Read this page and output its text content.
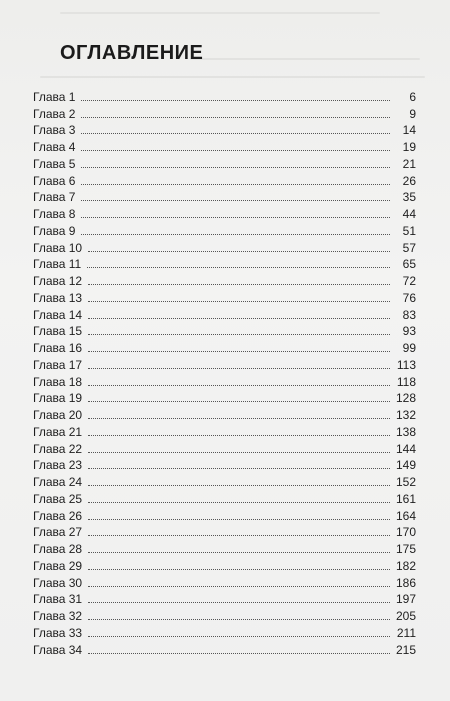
ОГЛАВЛЕНИЕ
Глава 1	6
Глава 2	9
Глава 3	14
Глава 4	19
Глава 5	21
Глава 6	26
Глава 7	35
Глава 8	44
Глава 9	51
Глава 10	57
Глава 11	65
Глава 12	72
Глава 13	76
Глава 14	83
Глава 15	93
Глава 16	99
Глава 17	113
Глава 18	118
Глава 19	128
Глава 20	132
Глава 21	138
Глава 22	144
Глава 23	149
Глава 24	152
Глава 25	161
Глава 26	164
Глава 27	170
Глава 28	175
Глава 29	182
Глава 30	186
Глава 31	197
Глава 32	205
Глава 33	211
Глава 34	215
